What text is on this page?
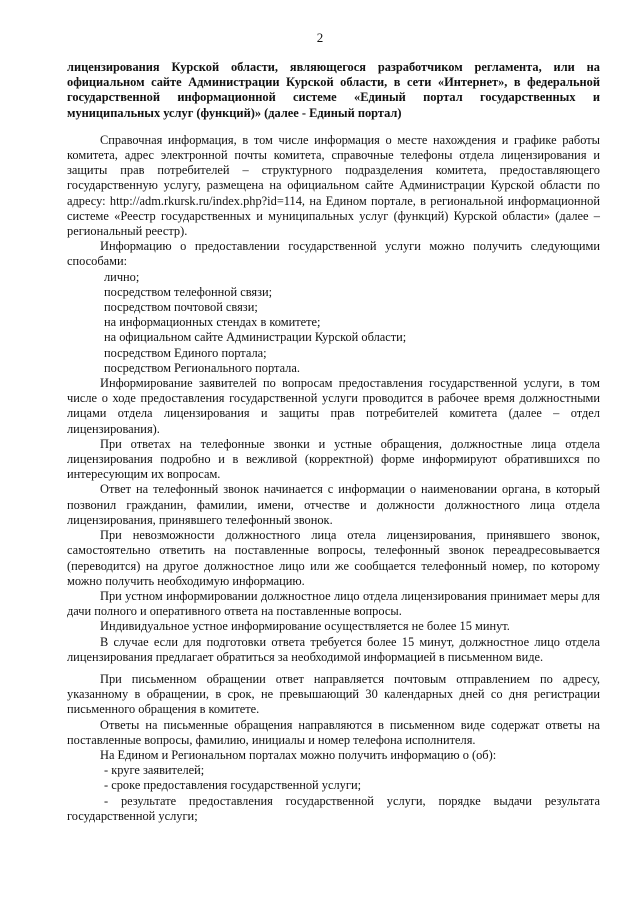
2

лицензирования Курской области, являющегося разработчиком регламента, или на официальном сайте Администрации Курской области, в сети «Интернет», в федеральной государственной информационной системе «Единый портал государственных и муниципальных услуг (функций)» (далее - Единый портал)

Справочная информация, в том числе информация о месте нахождения и графике работы комитета, адрес электронной почты комитета, справочные телефоны отдела лицензирования и защиты прав потребителей – структурного подразделения комитета, предоставляющего государственную услугу, размещена на официальном сайте Администрации Курской области по адресу: http://adm.rkursk.ru/index.php?id=114, на Едином портале, в региональной информационной системе «Реестр государственных и муниципальных услуг (функций) Курской области» (далее – региональный реестр).

Информацию о предоставлении государственной услуги можно получить следующими способами:

лично;

посредством телефонной связи;

посредством почтовой связи;

на информационных стендах в комитете;

на официальном сайте Администрации Курской области;

посредством Единого портала;

посредством Регионального портала.

Информирование заявителей по вопросам предоставления государственной услуги, в том числе о ходе предоставления государственной услуги проводится в рабочее время должностными лицами отдела лицензирования и защиты прав потребителей комитета (далее – отдел лицензирования).

При ответах на телефонные звонки и устные обращения, должностные лица отдела лицензирования подробно и в вежливой (корректной) форме информируют обратившихся по интересующим их вопросам.

Ответ на телефонный звонок начинается с информации о наименовании органа, в который позвонил гражданин, фамилии, имени, отчестве и должности должностного лица отдела лицензирования, принявшего телефонный звонок.

При невозможности должностного лица отела лицензирования, принявшего звонок, самостоятельно ответить на поставленные вопросы, телефонный звонок переадресовывается (переводится) на другое должностное лицо или же сообщается телефонный номер, по которому можно получить необходимую информацию.

При устном информировании должностное лицо отдела лицензирования принимает меры для дачи полного и оперативного ответа на поставленные вопросы.

Индивидуальное устное информирование осуществляется не более 15 минут.

В случае если для подготовки ответа требуется более 15 минут, должностное лицо отдела лицензирования предлагает обратиться за необходимой информацией в письменном виде.

При письменном обращении ответ направляется почтовым отправлением по адресу, указанному в обращении, в срок, не превышающий 30 календарных дней со дня регистрации письменного обращения в комитете.

Ответы на письменные обращения направляются в письменном виде содержат ответы на поставленные вопросы, фамилию, инициалы и номер телефона исполнителя.

На Едином и Региональном порталах можно получить информацию о (об):

- круге заявителей;

- сроке предоставления государственной услуги;

- результате предоставления государственной услуги, порядке выдачи результата государственной услуги;
